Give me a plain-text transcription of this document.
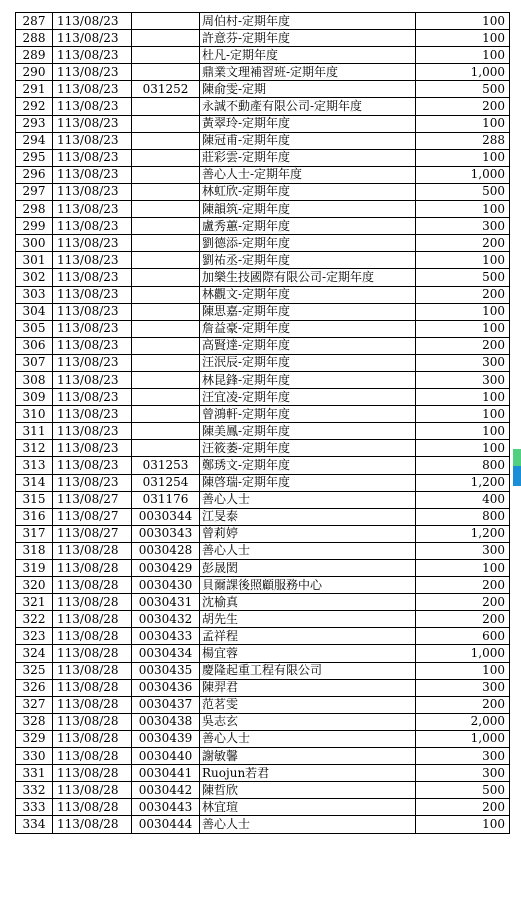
287	113/08/23		周伯村-定期年度	100
288	113/08/23		許意芬-定期年度	100
289	113/08/23		杜凡-定期年度	100
290	113/08/23		鼎業文理補習班-定期年度	1,000
291	113/08/23	031252	陳俞雯-定期	500
292	113/08/23		永誠不動產有限公司-定期年度	200
293	113/08/23		黃翠玲-定期年度	100
294	113/08/23		陳冠甫-定期年度	288
295	113/08/23		莊彩雲-定期年度	100
296	113/08/23		善心人士-定期年度	1,000
297	113/08/23		林虹欣-定期年度	500
298	113/08/23		陳韻筑-定期年度	100
299	113/08/23		盧秀蕙-定期年度	300
300	113/08/23		劉德添-定期年度	200
301	113/08/23		劉祐丞-定期年度	100
302	113/08/23		加樂生技國際有限公司-定期年度	500
303	113/08/23		林觀文-定期年度	200
304	113/08/23		陳思嘉-定期年度	100
305	113/08/23		詹益豪-定期年度	100
306	113/08/23		高賢達-定期年度	200
307	113/08/23		汪泯辰-定期年度	300
308	113/08/23		林昆鋒-定期年度	300
309	113/08/23		汪宜凌-定期年度	100
310	113/08/23		曾鴻軒-定期年度	100
311	113/08/23		陳美鳳-定期年度	100
312	113/08/23		汪筱萎-定期年度	100
313	113/08/23	031253	鄭琇文-定期年度	800
314	113/08/23	031254	陳啓瑞-定期年度	1,200
315	113/08/27	031176	善心人士	400
316	113/08/27	0030344	江旻泰	800
317	113/08/27	0030343	曾莉婷	1,200
318	113/08/28	0030428	善心人士	300
319	113/08/28	0030429	彭晟閎	100
320	113/08/28	0030430	貝爾課後照顧服務中心	200
321	113/08/28	0030431	沈榆真	200
322	113/08/28	0030432	胡先生	200
323	113/08/28	0030433	孟祥程	600
324	113/08/28	0030434	楊宜蓉	1,000
325	113/08/28	0030435	慶隆起重工程有限公司	100
326	113/08/28	0030436	陳羿君	300
327	113/08/28	0030437	范茗雯	200
328	113/08/28	0030438	吳志玄	2,000
329	113/08/28	0030439	善心人士	1,000
330	113/08/28	0030440	謝敏馨	300
331	113/08/28	0030441	Ruojun若君	300
332	113/08/28	0030442	陳哲欣	500
333	113/08/28	0030443	林宜瑄	200
334	113/08/28	0030444	善心人士	100
